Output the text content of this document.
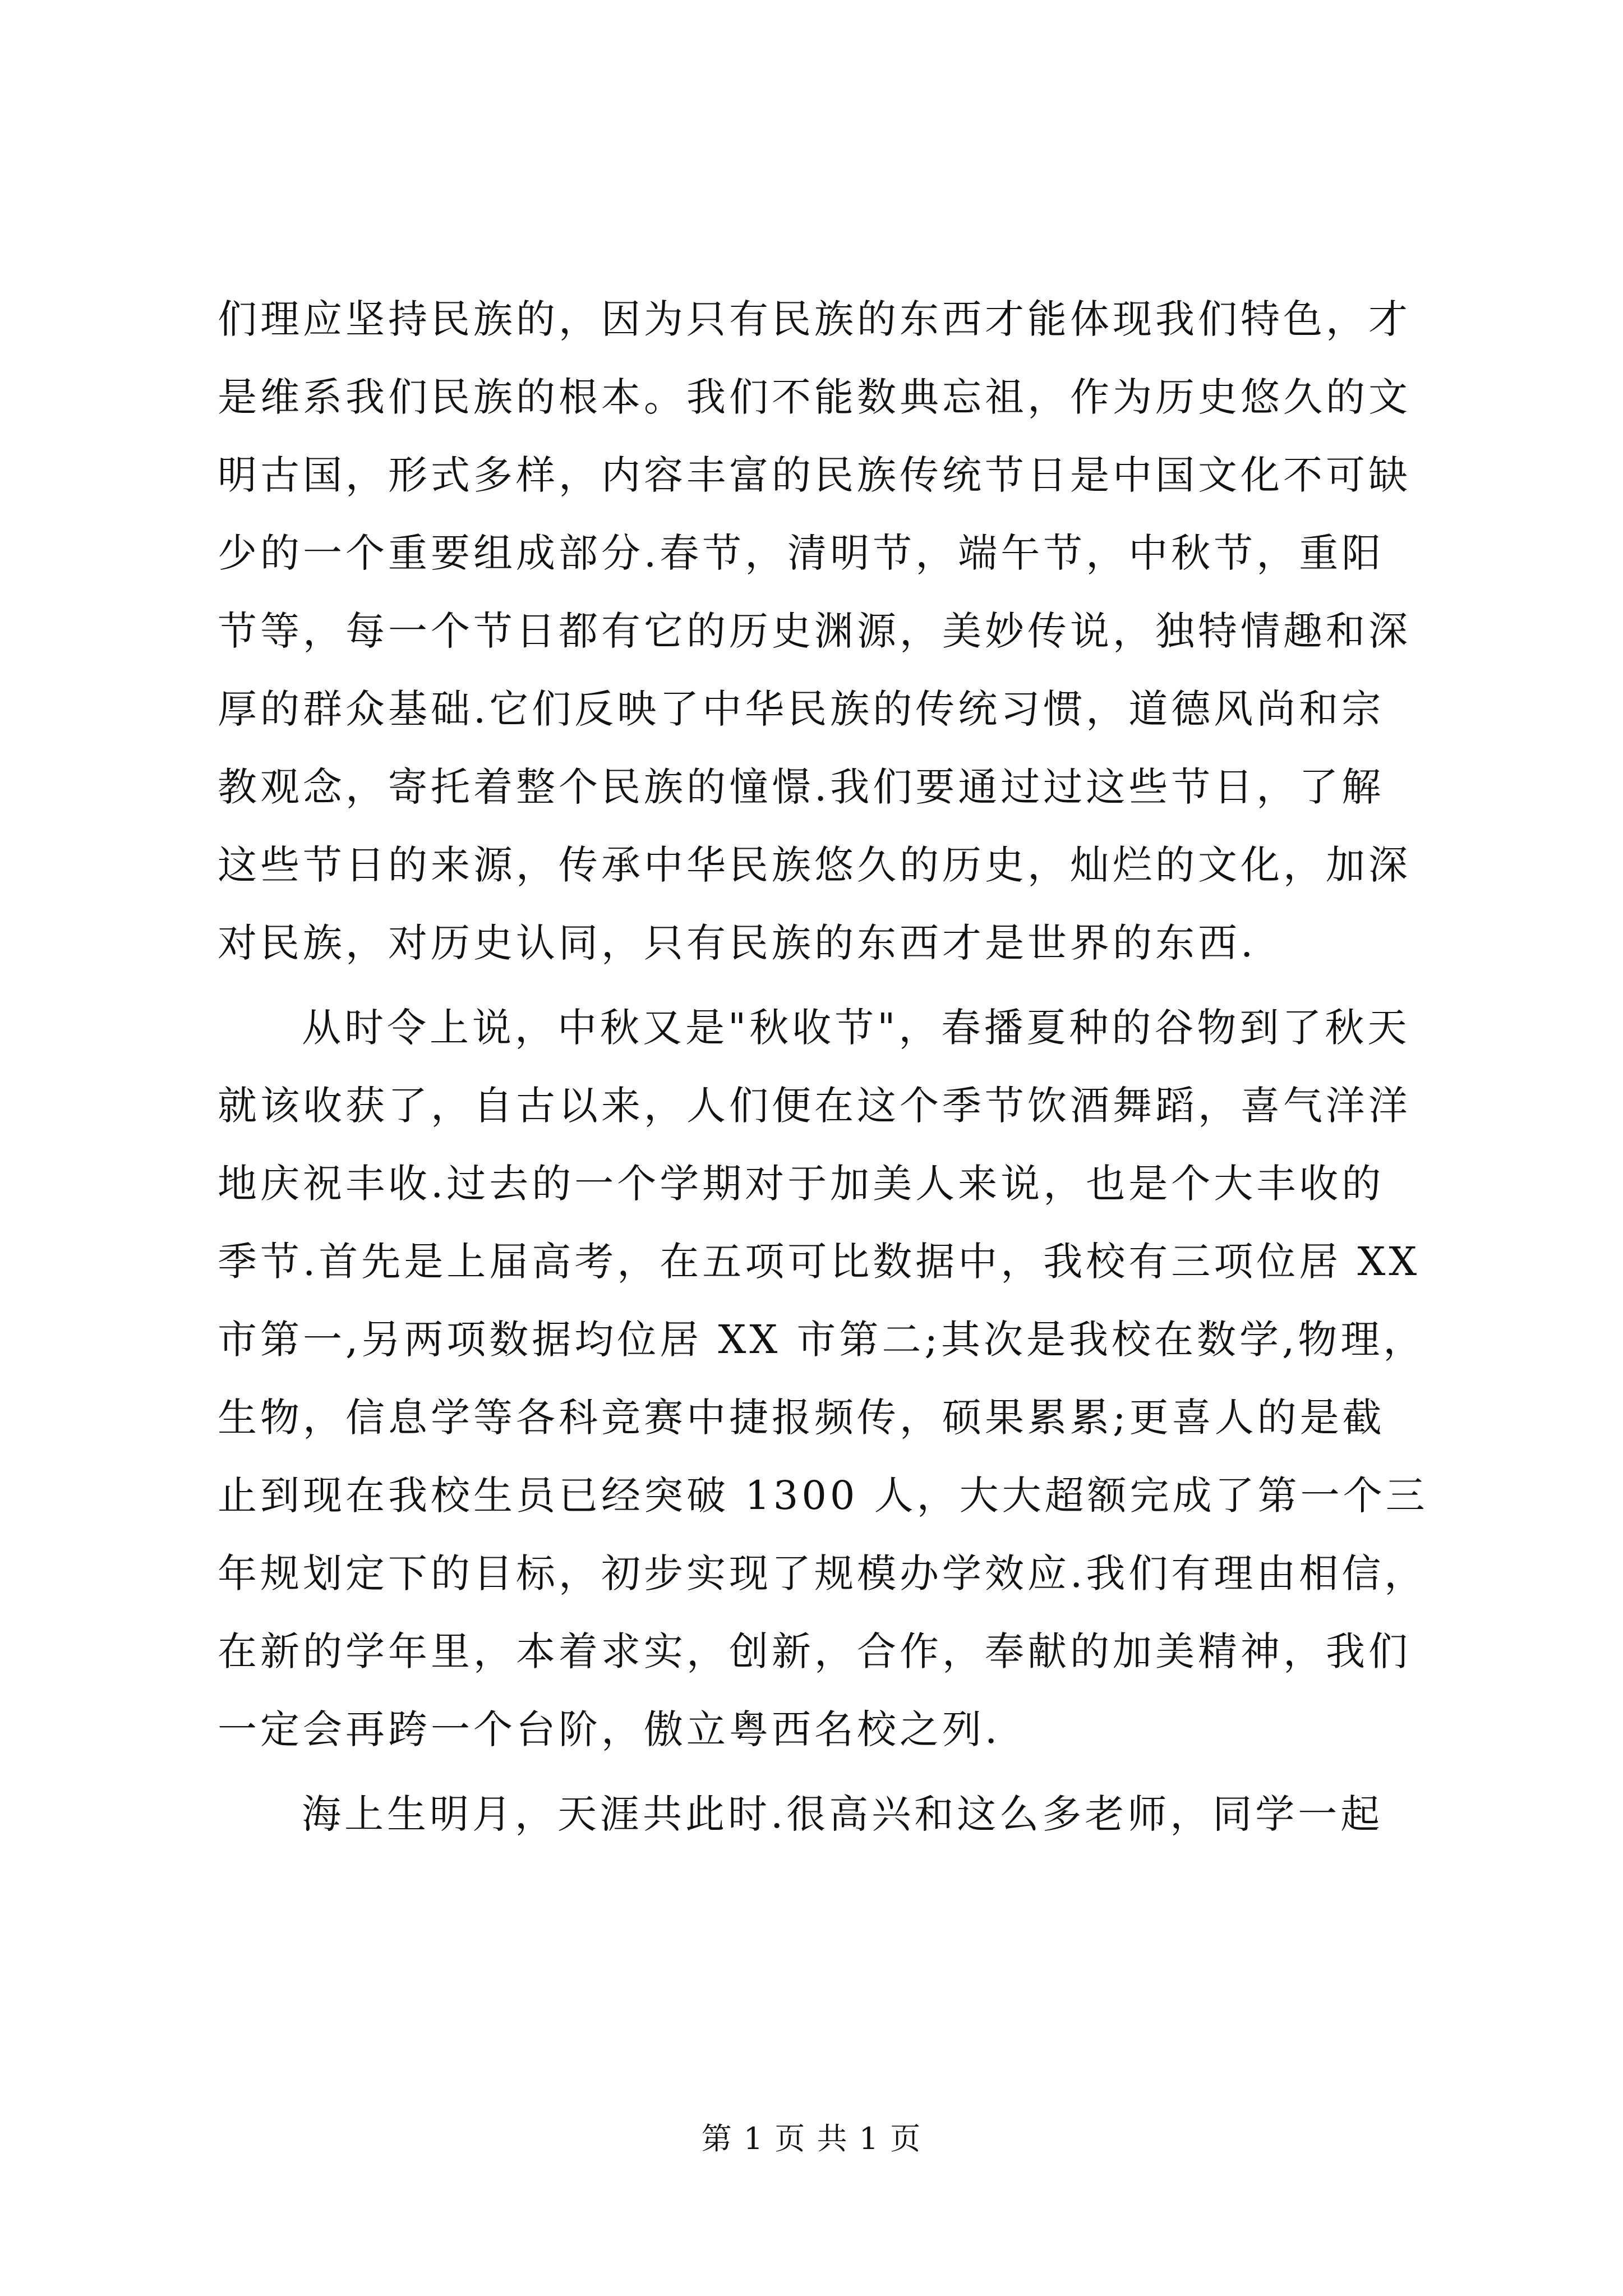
们理应坚持民族的，因为只有民族的东西才能体现我们特色，才
是维系我们民族的根本。我们不能数典忘祖，作为历史悠久的文
明古国，形式多样，内容丰富的民族传统节日是中国文化不可缺
少的一个重要组成部分.春节，清明节，端午节，中秋节，重阳
节等，每一个节日都有它的历史渊源，美妙传说，独特情趣和深
厚的群众基础.它们反映了中华民族的传统习惯，道德风尚和宗
教观念，寄托着整个民族的憧憬.我们要通过过这些节日，了解
这些节日的来源，传承中华民族悠久的历史，灿烂的文化，加深
对民族，对历史认同，只有民族的东西才是世界的东西.
从时令上说，中秋又是"秋收节"，春播夏种的谷物到了秋天
就该收获了，自古以来，人们便在这个季节饮酒舞蹈，喜气洋洋
地庆祝丰收.过去的一个学期对于加美人来说，也是个大丰收的
季节.首先是上届高考，在五项可比数据中，我校有三项位居 XX
市第一,另两项数据均位居 XX 市第二;其次是我校在数学,物理，
生物，信息学等各科竞赛中捷报频传，硕果累累;更喜人的是截
止到现在我校生员已经突破 1300 人，大大超额完成了第一个三
年规划定下的目标，初步实现了规模办学效应.我们有理由相信，
在新的学年里，本着求实，创新，合作，奉献的加美精神，我们
一定会再跨一个台阶，傲立粤西名校之列.
海上生明月，天涯共此时.很高兴和这么多老师，同学一起
第 1 页 共 1 页
